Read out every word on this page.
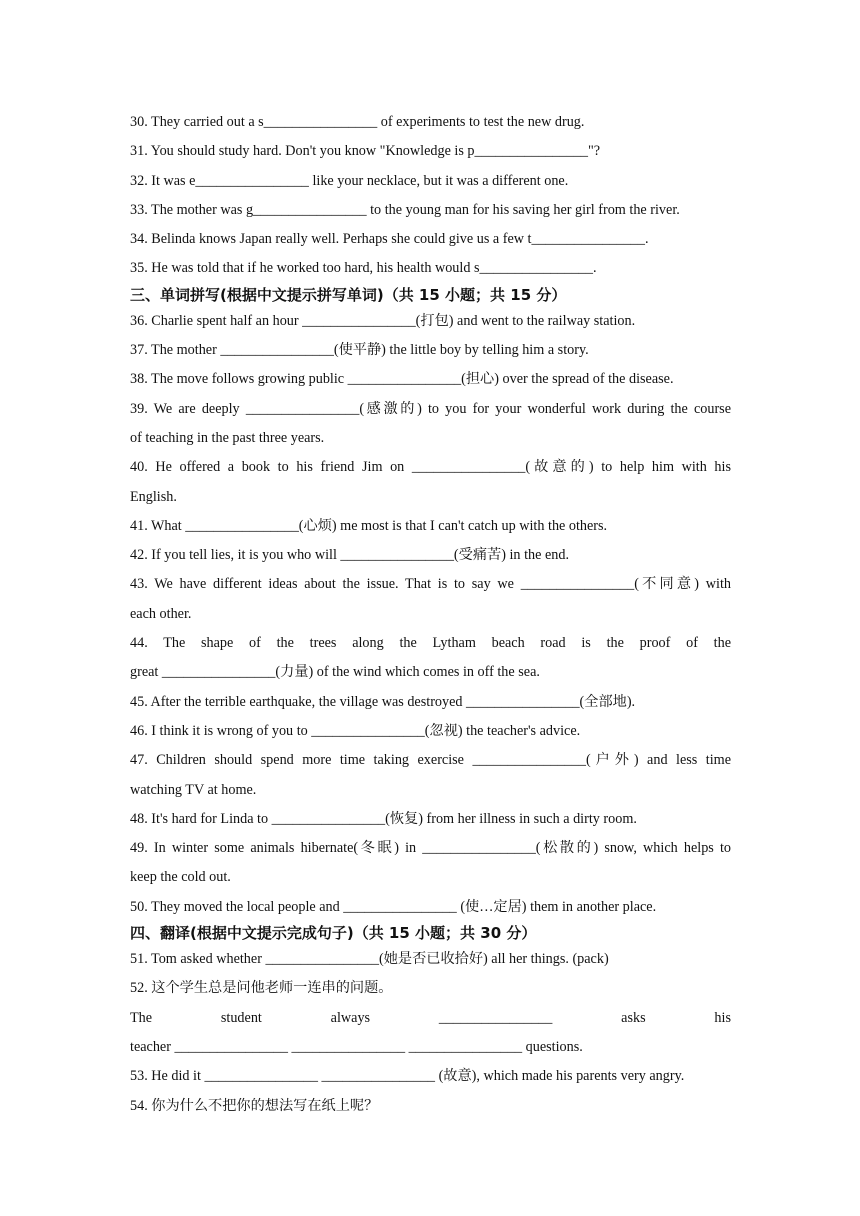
30. They carried out a s________________ of experiments to test the new drug.
31. You should study hard. Don't you know "Knowledge is p________________"?
32. It was e________________ like your necklace, but it was a different one.
33. The mother was g________________ to the young man for his saving her girl from the river.
34. Belinda knows Japan really well. Perhaps she could give us a few t________________.
35. He was told that if he worked too hard, his health would s________________.
三、单词拼写(根据中文提示拼写单词)（共 15 小题；共 15 分）
36. Charlie spent half an hour ________________(打包) and went to the railway station.
37. The mother ________________(使平静) the little boy by telling him a story.
38. The move follows growing public ________________(担心) over the spread of the disease.
39. We are deeply ________________(感激的) to you for your wonderful work during the course
of teaching in the past three years.
40. He offered a book to his friend Jim on ________________(故意的) to help him with his
English.
41. What ________________(心烦) me most is that I can't catch up with the others.
42. If you tell lies, it is you who will ________________(受痛苦) in the end.
43. We have different ideas about the issue. That is to say we ________________(不同意) with
each other.
44. The shape of the trees along the Lytham beach road is the proof of the
great ________________(力量) of the wind which comes in off the sea.
45. After the terrible earthquake, the village was destroyed ________________(全部地).
46. I think it is wrong of you to ________________(忽视) the teacher's advice.
47. Children should spend more time taking exercise ________________(户外) and less time
watching TV at home.
48. It's hard for Linda to ________________(恢复) from her illness in such a dirty room.
49. In winter some animals hibernate(冬眠) in ________________(松散的) snow, which helps to
keep the cold out.
50. They moved the local people and ________________ (使…定居) them in another place.
四、翻译(根据中文提示完成句子)（共 15 小题；共 30 分）
51. Tom asked whether ________________(她是否已收拾好) all her things. (pack)
52. 这个学生总是问他老师一连串的问题。
The student always ________________ asks his
teacher ________________ ________________ ________________ questions.
53. He did it ________________ ________________ (故意), which made his parents very angry.
54. 你为什么不把你的想法写在纸上呢？
